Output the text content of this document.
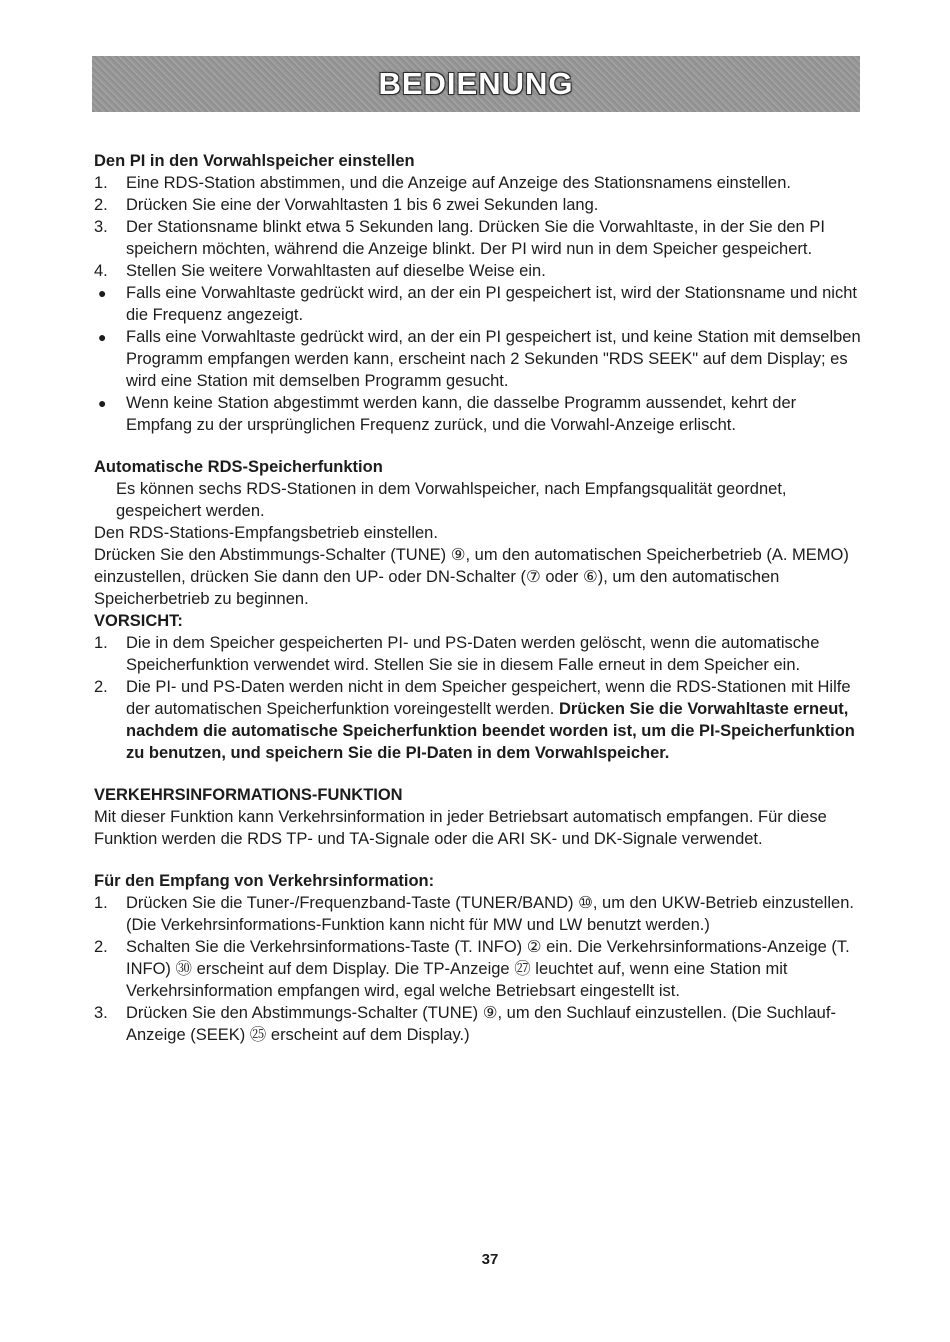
BEDIENUNG

Den PI in den Vorwahlspeicher einstellen

1. Eine RDS-Station abstimmen, und die Anzeige auf Anzeige des Stationsnamens einstellen.
2. Drücken Sie eine der Vorwahltasten 1 bis 6 zwei Sekunden lang.
3. Der Stationsname blinkt etwa 5 Sekunden lang. Drücken Sie die Vorwahltaste, in der Sie den PI speichern möchten, während die Anzeige blinkt. Der PI wird nun in dem Speicher gespeichert.
4. Stellen Sie weitere Vorwahltasten auf dieselbe Weise ein.
● Falls eine Vorwahltaste gedrückt wird, an der ein PI gespeichert ist, wird der Stationsname und nicht die Frequenz angezeigt.
● Falls eine Vorwahltaste gedrückt wird, an der ein PI gespeichert ist, und keine Station mit demselben Programm empfangen werden kann, erscheint nach 2 Sekunden "RDS SEEK" auf dem Display; es wird eine Station mit demselben Programm gesucht.
● Wenn keine Station abgestimmt werden kann, die dasselbe Programm aussendet, kehrt der Empfang zu der ursprünglichen Frequenz zurück, und die Vorwahl-Anzeige erlischt.

Automatische RDS-Speicherfunktion

Es können sechs RDS-Stationen in dem Vorwahlspeicher, nach Empfangsqualität geordnet, gespeichert werden.

Den RDS-Stations-Empfangsbetrieb einstellen.

Drücken Sie den Abstimmungs-Schalter (TUNE) ⑨, um den automatischen Speicherbetrieb (A. MEMO) einzustellen, drücken Sie dann den UP- oder DN-Schalter (⑦ oder ⑥), um den automatischen Speicherbetrieb zu beginnen.

VORSICHT:

1. Die in dem Speicher gespeicherten PI- und PS-Daten werden gelöscht, wenn die automatische Speicherfunktion verwendet wird. Stellen Sie sie in diesem Falle erneut in dem Speicher ein.
2. Die PI- und PS-Daten werden nicht in dem Speicher gespeichert, wenn die RDS-Stationen mit Hilfe der automatischen Speicherfunktion voreingestellt werden. Drücken Sie die Vorwahltaste erneut, nachdem die automatische Speicherfunktion beendet worden ist, um die PI-Speicherfunktion zu benutzen, und speichern Sie die PI-Daten in dem Vorwahlspeicher.

VERKEHRSINFORMATIONS-FUNKTION

Mit dieser Funktion kann Verkehrsinformation in jeder Betriebsart automatisch empfangen. Für diese Funktion werden die RDS TP- und TA-Signale oder die ARI SK- und DK-Signale verwendet.

Für den Empfang von Verkehrsinformation:

1. Drücken Sie die Tuner-/Frequenzband-Taste (TUNER/BAND) ⑩, um den UKW-Betrieb einzustellen. (Die Verkehrsinformations-Funktion kann nicht für MW und LW benutzt werden.)
2. Schalten Sie die Verkehrsinformations-Taste (T. INFO) ② ein. Die Verkehrsinformations-Anzeige (T. INFO) ㉚ erscheint auf dem Display. Die TP-Anzeige ㉗ leuchtet auf, wenn eine Station mit Verkehrsinformation empfangen wird, egal welche Betriebsart eingestellt ist.
3. Drücken Sie den Abstimmungs-Schalter (TUNE) ⑨, um den Suchlauf einzustellen. (Die Suchlauf-Anzeige (SEEK) ㉕ erscheint auf dem Display.)
37
